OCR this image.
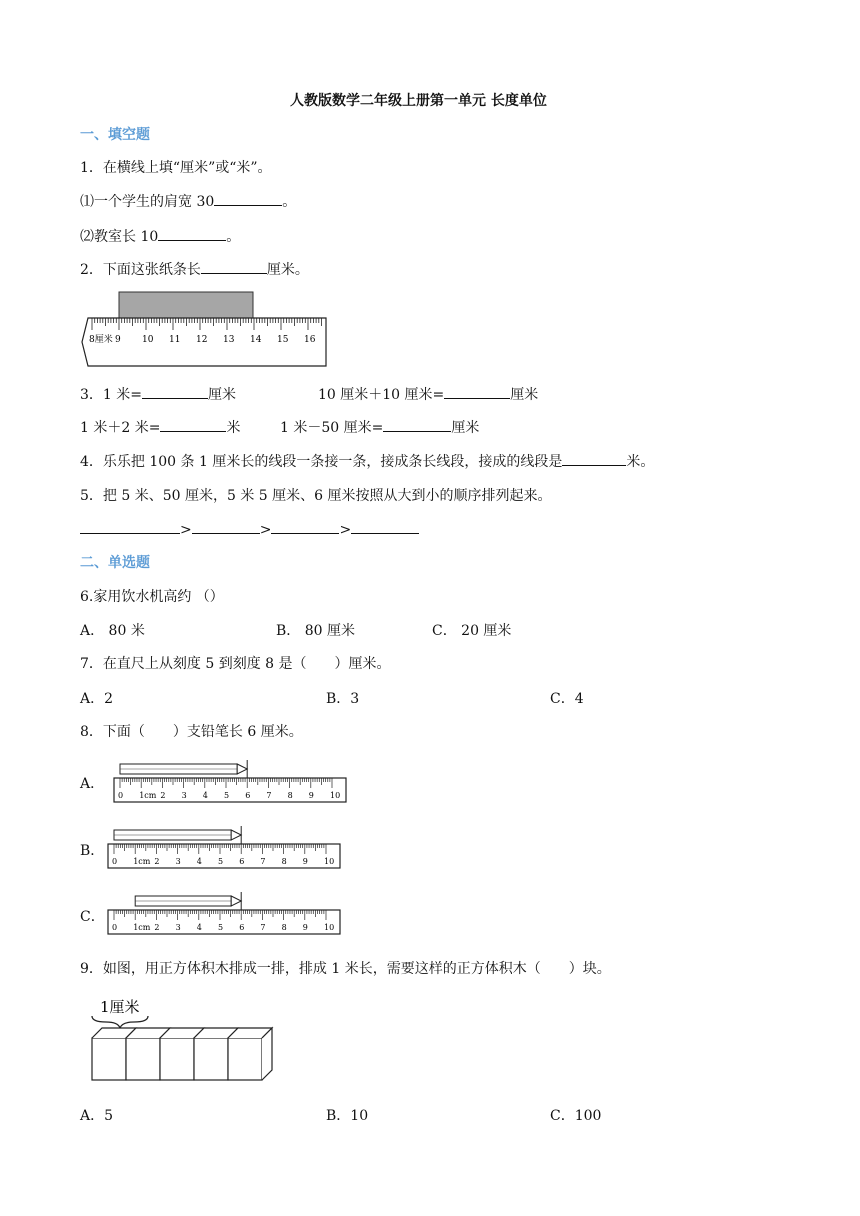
人教版数学二年级上册第一单元 长度单位
一、填空题
1．在横线上填“厘米”或“米”。
⑴一个学生的肩宽 30	。
⑵教室长 10	。
2．下面这张纸条长	厘米。
8厘米 9 10 11 12 13 14 15 16
3．1 米=	厘米	10 厘米＋10 厘米=	厘米
1 米＋2 米=	米	1 米－50 厘米=	厘米
4．乐乐把 100 条 1 厘米长的线段一条接一条，接成条长线段，接成的线段是	米。
5．把 5 米、50 厘米，5 米 5 厘米、6 厘米按照从大到小的顺序排列起来。
>	>	>
二、单选题
6.家用饮水机高约 （）
A． 80 米	B． 80 厘米	C． 20 厘米
7．在直尺上从刻度 5 到刻度 8 是（　　）厘米。
A．2	B．3	C．4
8．下面（　　）支铅笔长 6 厘米。
A．
0 1cm 2 3 4 5 6 7 8 9 10
B．
0 1cm 2 3 4 5 6 7 8 9 10
C．
0 1cm 2 3 4 5 6 7 8 9 10
9．如图，用正方体积木排成一排，排成 1 米长，需要这样的正方体积木（　　）块。
1厘米
A．5	B．10	C．100
